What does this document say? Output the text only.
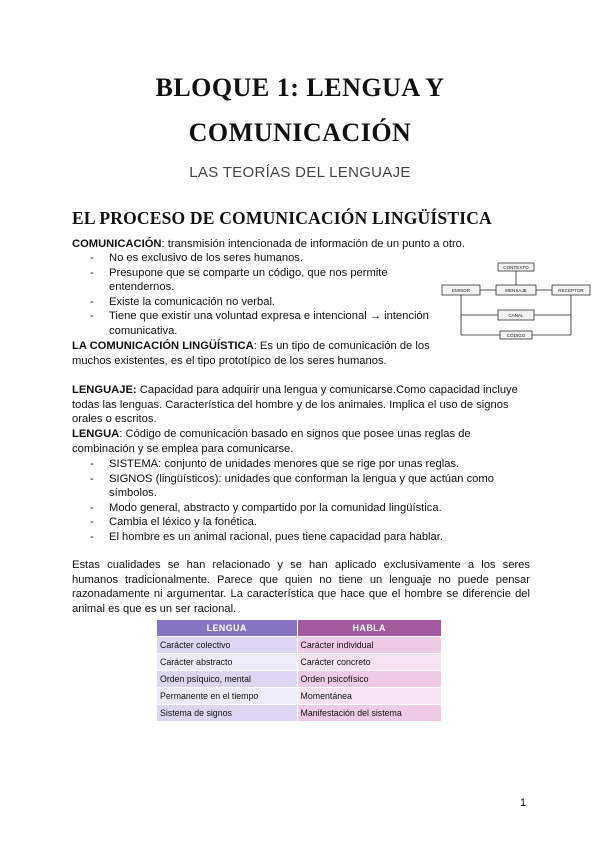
BLOQUE 1: LENGUA Y
COMUNICACIÓN
LAS TEORÍAS DEL LENGUAJE
EL PROCESO DE COMUNICACIÓN LINGÜÍSTICA
COMUNICACIÓN: transmisión intencionada de información de un punto a otro.
- No es exclusivo de los seres humanos.
- Presupone que se comparte un código, que nos permite entendernos.
- Existe la comunicación no verbal.
- Tiene que existir una voluntad expresa e intencional → intención comunicativa.
CONTEXTO
EMISOR	MENSAJE	RECEPTOR
CANAL
CÓDIGO
LA COMUNICACIÓN LINGÜÍSTICA: Es un tipo de comunicación de los muchos existentes, es el tipo prototípico de los seres humanos.
LENGUAJE: Capacidad para adquirir una lengua y comunicarse.Como capacidad incluye todas las lenguas. Característica del hombre y de los animales. Implica el uso de signos orales o escritos.
LENGUA: Código de comunicación basado en signos que posee unas reglas de combinación y se emplea para comunicarse.
- SISTEMA: conjunto de unidades menores que se rige por unas reglas.
- SIGNOS (lingüísticos): unidades que conforman la lengua y que actúan como símbolos.
- Modo general, abstracto y compartido por la comunidad lingüística.
- Cambia el léxico y la fonética.
- El hombre es un animal racional, pues tiene capacidad para hablar.
Estas cualidades se han relacionado y se han aplicado exclusivamente a los seres humanos tradicionalmente. Parece que quien no tiene un lenguaje no puede pensar razonadamente ni argumentar. La característica que hace que el hombre se diferencie del animal es que es un ser racional.
LENGUA	HABLA
Carácter colectivo	Carácter individual
Carácter abstracto	Carácter concreto
Orden psíquico, mental	Orden psicofísico
Permanente en el tiempo	Momentánea
Sistema de signos	Manifestación del sistema
1
